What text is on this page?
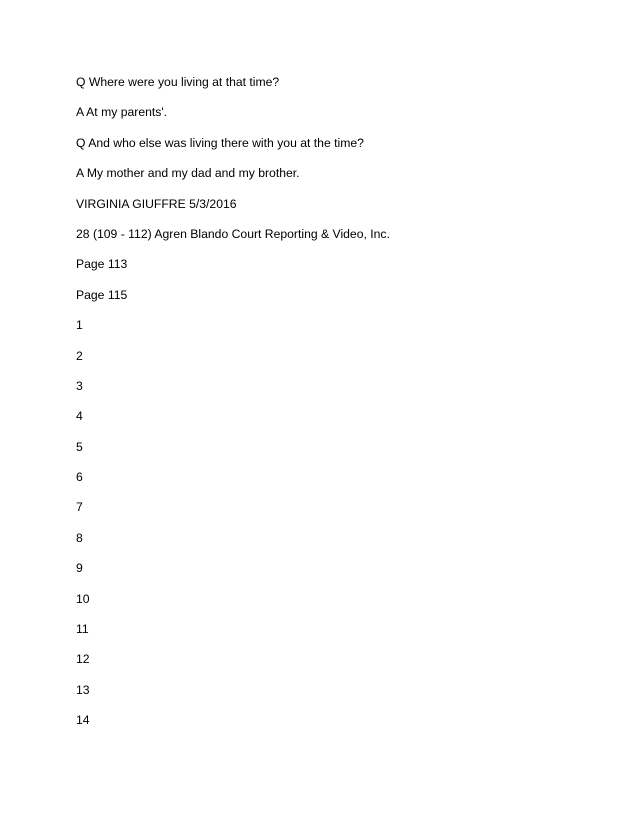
Q Where were you living at that time?
A At my parents'.
Q And who else was living there with you at the time?
A My mother and my dad and my brother.
VIRGINIA GIUFFRE 5/3/2016
28 (109 - 112) Agren Blando Court Reporting & Video, Inc.
Page 113
Page 115
1
2
3
4
5
6
7
8
9
10
11
12
13
14
